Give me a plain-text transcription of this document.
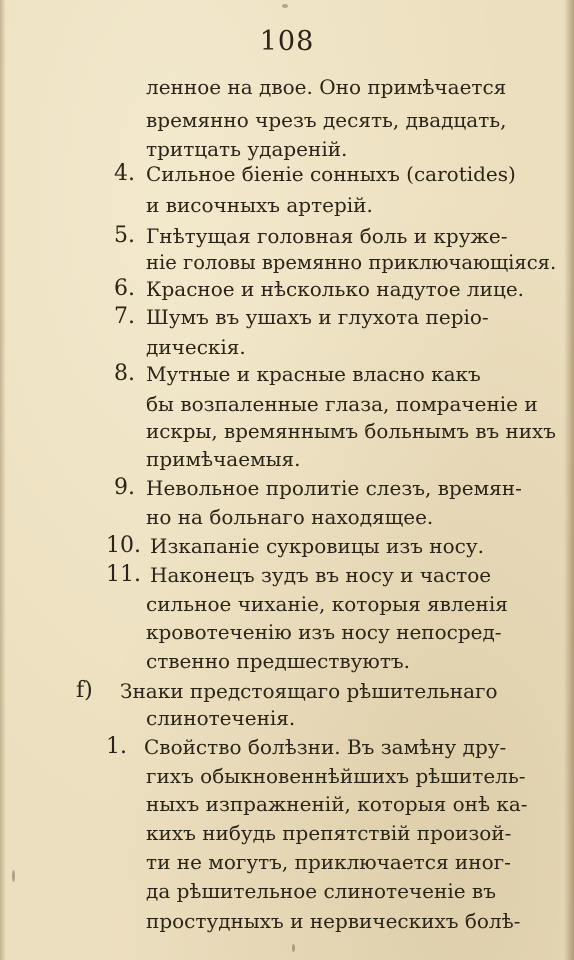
108
ленное на двое. Оно примѣчается
времянно чрезъ десять, двадцать,
тритцать ударенiй.
4. Сильное бiенiе сонныхъ (carotides)
и височныхъ артерiй.
5. Гнѣтущая головная боль и круже-
нiе головы времянно приключающiяся.
6. Красное и нѣсколько надутое лице.
7. Шумъ въ ушахъ и глухота перiо-
дическiя.
8. Мутные и красные власно какъ
бы возпаленные глаза, помраченiе и
искры, времяннымъ больнымъ въ нихъ
примѣчаемыя.
9. Невольное пролитiе слезъ, времян-
но на больнаго находящее.
10. Изкапанiе сукровицы изъ носу.
11. Наконецъ зудъ въ носу и частое
сильное чиханiе, которыя явленiя
кровотеченiю изъ носу непосред-
ственно предшествуютъ.
f) Знаки предстоящаго рѣшительнаго
слинотеченiя.
1. Свойство болѣзни. Въ замѣну дру-
гихъ обыкновеннѣйшихъ рѣшитель-
ныхъ изпражненiй, которыя онѣ ка-
кихъ нибудь препятствiй произой-
ти не могутъ, приключается иног-
да рѣшительное слинотеченiе въ
простудныхъ и нервическихъ болѣ-
